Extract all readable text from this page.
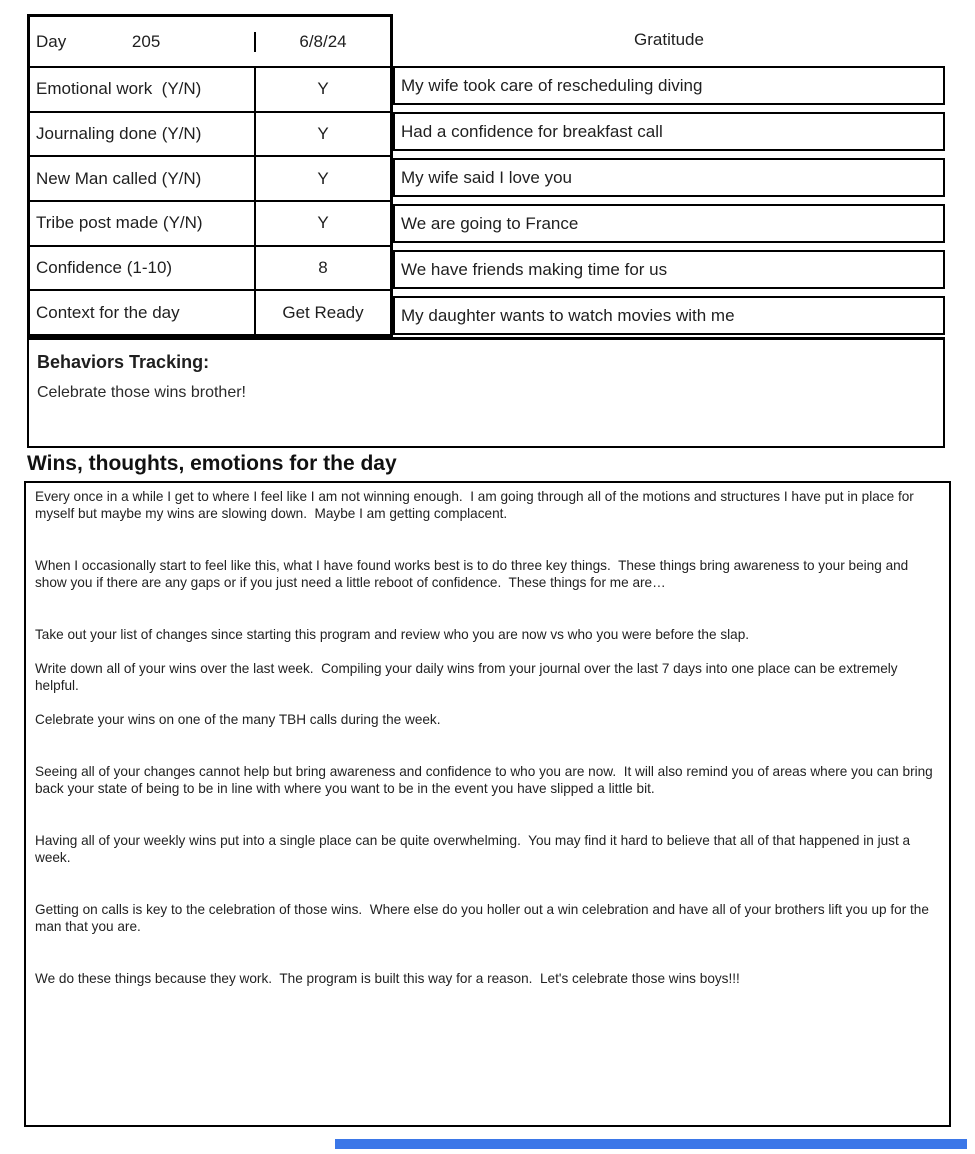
Day	205	6/8/24
Emotional work  (Y/N)	Y
Journaling done (Y/N)	Y
New Man called (Y/N)	Y
Tribe post made (Y/N)	Y
Confidence (1-10)	8
Context for the day	Get Ready
Gratitude
My wife took care of rescheduling diving
Had a confidence for breakfast call
My wife said I love you
We are going to France
We have friends making time for us
My daughter wants to watch movies with me

Behaviors Tracking:

Celebrate those wins brother!

Wins, thoughts, emotions for the day

Every once in a while I get to where I feel like I am not winning enough.  I am going through all of the motions and structures I have put in place for myself but maybe my wins are slowing down.  Maybe I am getting complacent.

When I occasionally start to feel like this, what I have found works best is to do three key things.  These things bring awareness to your being and show you if there are any gaps or if you just need a little reboot of confidence.  These things for me are…

Take out your list of changes since starting this program and review who you are now vs who you were before the slap.

Write down all of your wins over the last week.  Compiling your daily wins from your journal over the last 7 days into one place can be extremely helpful.

Celebrate your wins on one of the many TBH calls during the week.

Seeing all of your changes cannot help but bring awareness and confidence to who you are now.  It will also remind you of areas where you can bring back your state of being to be in line with where you want to be in the event you have slipped a little bit.

Having all of your weekly wins put into a single place can be quite overwhelming.  You may find it hard to believe that all of that happened in just a week.

Getting on calls is key to the celebration of those wins.  Where else do you holler out a win celebration and have all of your brothers lift you up for the man that you are.

We do these things because they work.  The program is built this way for a reason.  Let's celebrate those wins boys!!!
